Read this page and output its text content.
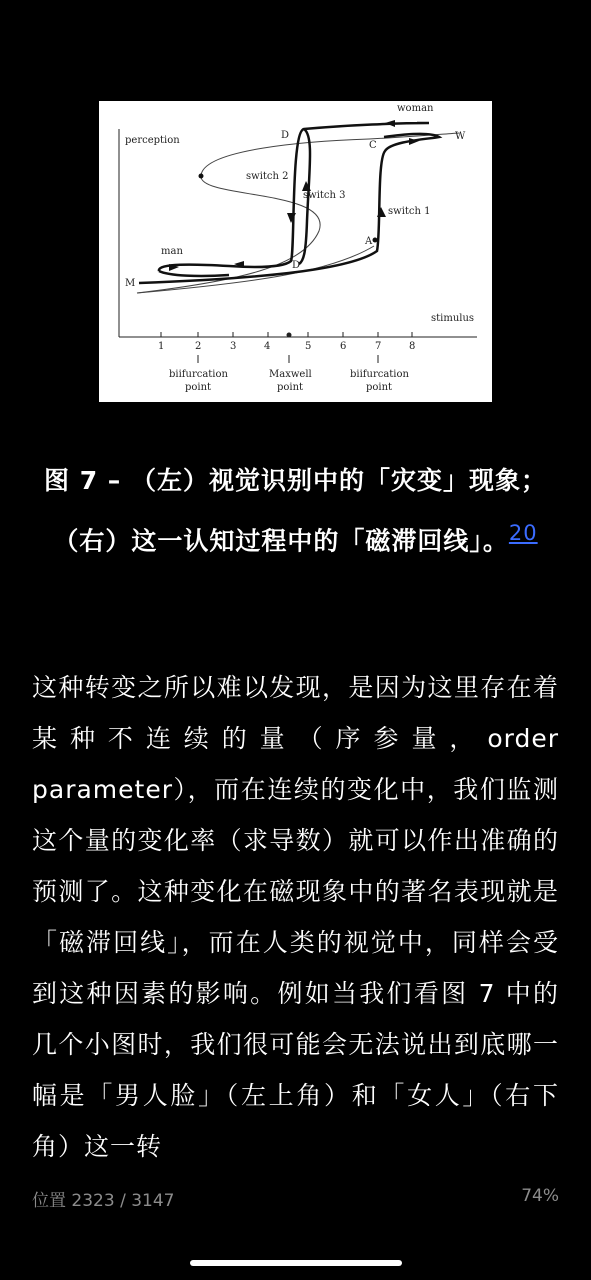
perception
stimulus
woman
man
W
M
A
C
D
D
switch 1
switch 2
switch 3
1	2	3	4	5	6	7	8
biifurcation
point
Maxwell
point
biifurcation
point
图 7 – （左）视觉识别中的「灾变」现象；（右）这一认知过程中的「磁滞回线」。$^{20}$
这种转变之所以难以发现，是因为这里存在着某种不连续的量（序参量，order parameter），而在连续的变化中，我们监测这个量的变化率（求导数）就可以作出准确的预测了。这种变化在磁现象中的著名表现就是「磁滞回线」，而在人类的视觉中，同样会受到这种因素的影响。例如当我们看图 7 中的几个小图时，我们很可能会无法说出到底哪一幅是「男人脸」（左上角）和「女人」（右下角）这一转
位置 2323 / 3147	74%
